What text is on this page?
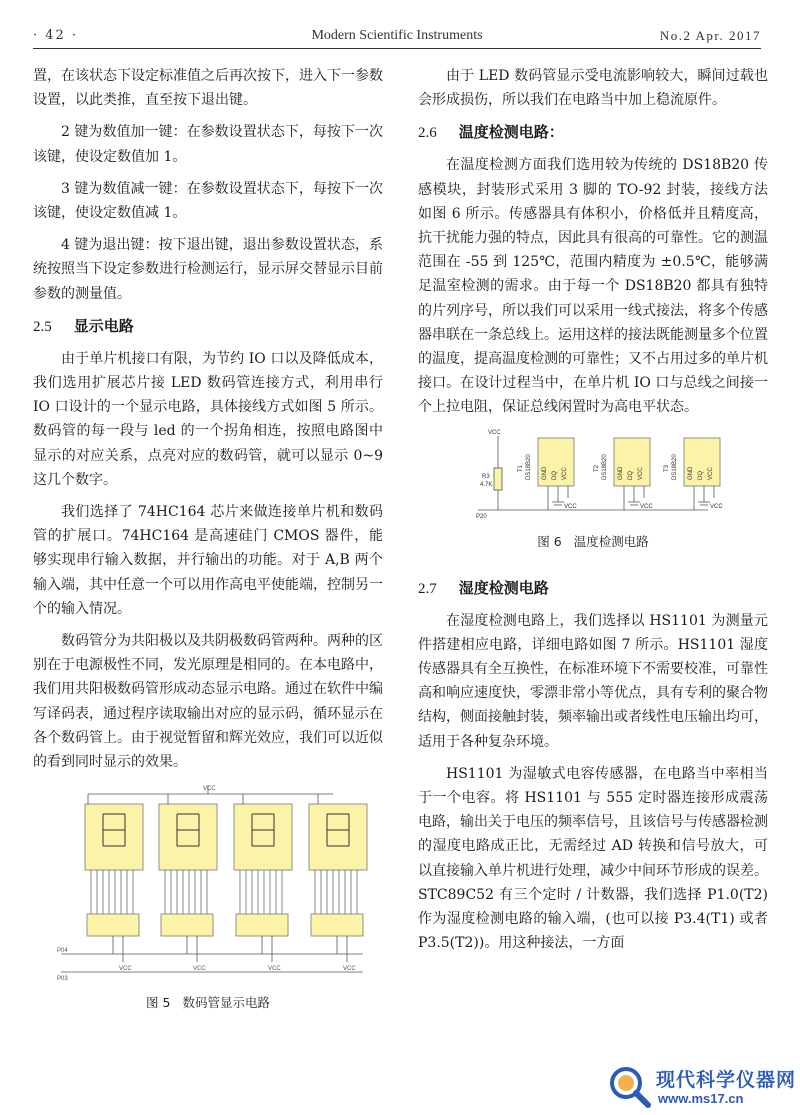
· 42 ·	Modern Scientific Instruments	No.2 Apr. 2017

置，在该状态下设定标准值之后再次按下，进入下一参数设置，以此类推，直至按下退出键。

2 键为数值加一键：在参数设置状态下，每按下一次该键，使设定数值加 1。

3 键为数值减一键：在参数设置状态下，每按下一次该键，使设定数值减 1。

4 键为退出键：按下退出键，退出参数设置状态，系统按照当下设定参数进行检测运行，显示屏交替显示目前参数的测量值。

2.5 显示电路

由于单片机接口有限，为节约 IO 口以及降低成本，我们选用扩展芯片接 LED 数码管连接方式，利用串行 IO 口设计的一个显示电路，具体接线方式如图 5 所示。数码管的每一段与 led 的一个拐角相连，按照电路图中显示的对应关系，点亮对应的数码管，就可以显示 0~9 这几个数字。

我们选择了 74HC164 芯片来做连接单片机和数码管的扩展口。74HC164 是高速硅门 CMOS 器件，能够实现串行输入数据，并行输出的功能。对于 A,B 两个输入端，其中任意一个可以用作高电平使能端，控制另一个的输入情况。

数码管分为共阳极以及共阴极数码管两种。两种的区别在于电源极性不同，发光原理是相同的。在本电路中，我们用共阳极数码管形成动态显示电路。通过在软件中编写译码表，通过程序读取输出对应的显示码，循环显示在各个数码管上。由于视觉暂留和辉光效应，我们可以近似的看到同时显示的效果。

VCC
VCC	VCC	VCC	VCC
P04
P03
图 5 数码管显示电路

由于 LED 数码管显示受电流影响较大，瞬间过载也会形成损伤，所以我们在电路当中加上稳流原件。

2.6 温度检测电路：

在温度检测方面我们选用较为传统的 DS18B20 传感模块，封装形式采用 3 脚的 TO-92 封装，接线方法如图 6 所示。传感器具有体积小，价格低并且精度高，抗干扰能力强的特点，因此具有很高的可靠性。它的测温范围在 -55 到 125℃，范围内精度为 ±0.5℃，能够满足温室检测的需求。由于每一个 DS18B20 都具有独特的片列序号，所以我们可以采用一线式接法，将多个传感器串联在一条总线上。运用这样的接法既能测量多个位置的温度，提高温度检测的可靠性；又不占用过多的单片机接口。在设计过程当中，在单片机 IO 口与总线之间接一个上拉电阻，保证总线闲置时为高电平状态。

VCC
R3
4.7K
P20
VCC	VCC	VCC
GND DQ VCC	GND DQ VCC	GND DQ VCC
T1 DS18B20	T2 DS18B20	T3 DS18B20
图 6 温度检测电路
2.7 湿度检测电路

在湿度检测电路上，我们选择以 HS1101 为测量元件搭建相应电路，详细电路如图 7 所示。HS1101 湿度传感器具有全互换性，在标准环境下不需要校准，可靠性高和响应速度快，零漂非常小等优点，具有专利的聚合物结构，侧面接触封装，频率输出或者线性电压输出均可，适用于各种复杂环境。

HS1101 为湿敏式电容传感器，在电路当中率相当于一个电容。将 HS1101 与 555 定时器连接形成震荡电路，输出关于电压的频率信号，且该信号与传感器检测的湿度电路成正比，无需经过 AD 转换和信号放大，可以直接输入单片机进行处理，减少中间环节形成的误差。STC89C52 有三个定时 / 计数器，我们选择 P1.0(T2) 作为湿度检测电路的输入端，(也可以接 P3.4(T1) 或者 P3.5(T2))。用这种接法，一方面

现代科学仪器网
www.ms17.cn
